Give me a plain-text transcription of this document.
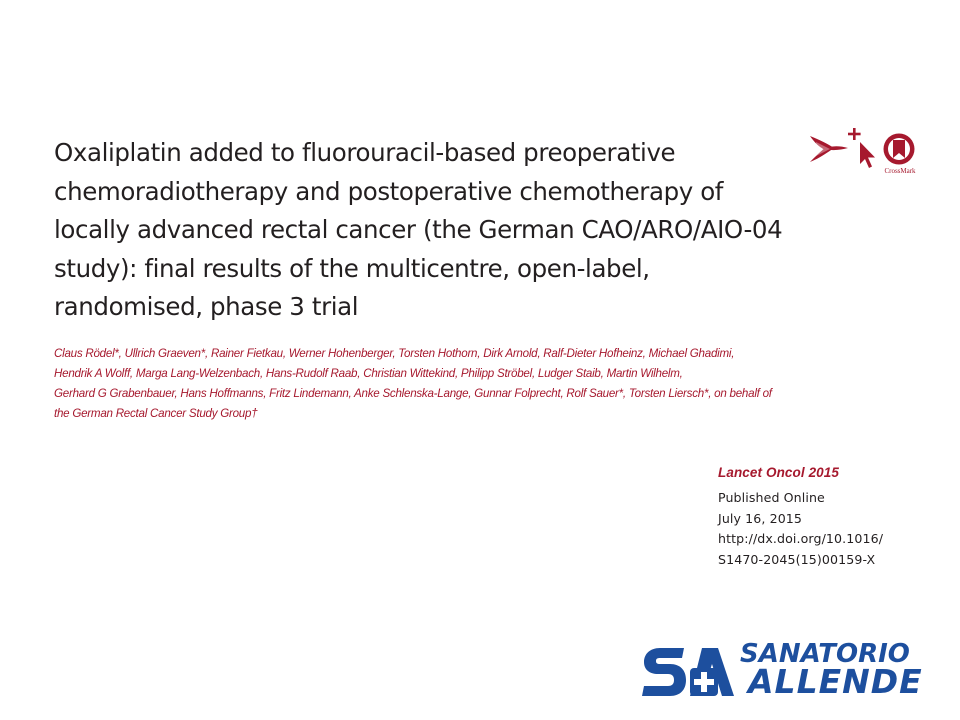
Oxaliplatin added to fluorouracil-based preoperative
chemoradiotherapy and postoperative chemotherapy of
locally advanced rectal cancer (the German CAO/ARO/AIO-04
study): final results of the multicentre, open-label,
randomised, phase 3 trial
CrossMark
Claus Rödel*, Ullrich Graeven*, Rainer Fietkau, Werner Hohenberger, Torsten Hothorn, Dirk Arnold, Ralf-Dieter Hofheinz, Michael Ghadimi,
Hendrik A Wolff, Marga Lang-Welzenbach, Hans-Rudolf Raab, Christian Wittekind, Philipp Ströbel, Ludger Staib, Martin Wilhelm,
Gerhard G Grabenbauer, Hans Hoffmanns, Fritz Lindemann, Anke Schlenska-Lange, Gunnar Folprecht, Rolf Sauer*, Torsten Liersch*, on behalf of
the German Rectal Cancer Study Group†
Lancet Oncol 2015
Published Online
July 16, 2015
http://dx.doi.org/10.1016/
S1470-2045(15)00159-X
SANATORIO
ALLENDE
